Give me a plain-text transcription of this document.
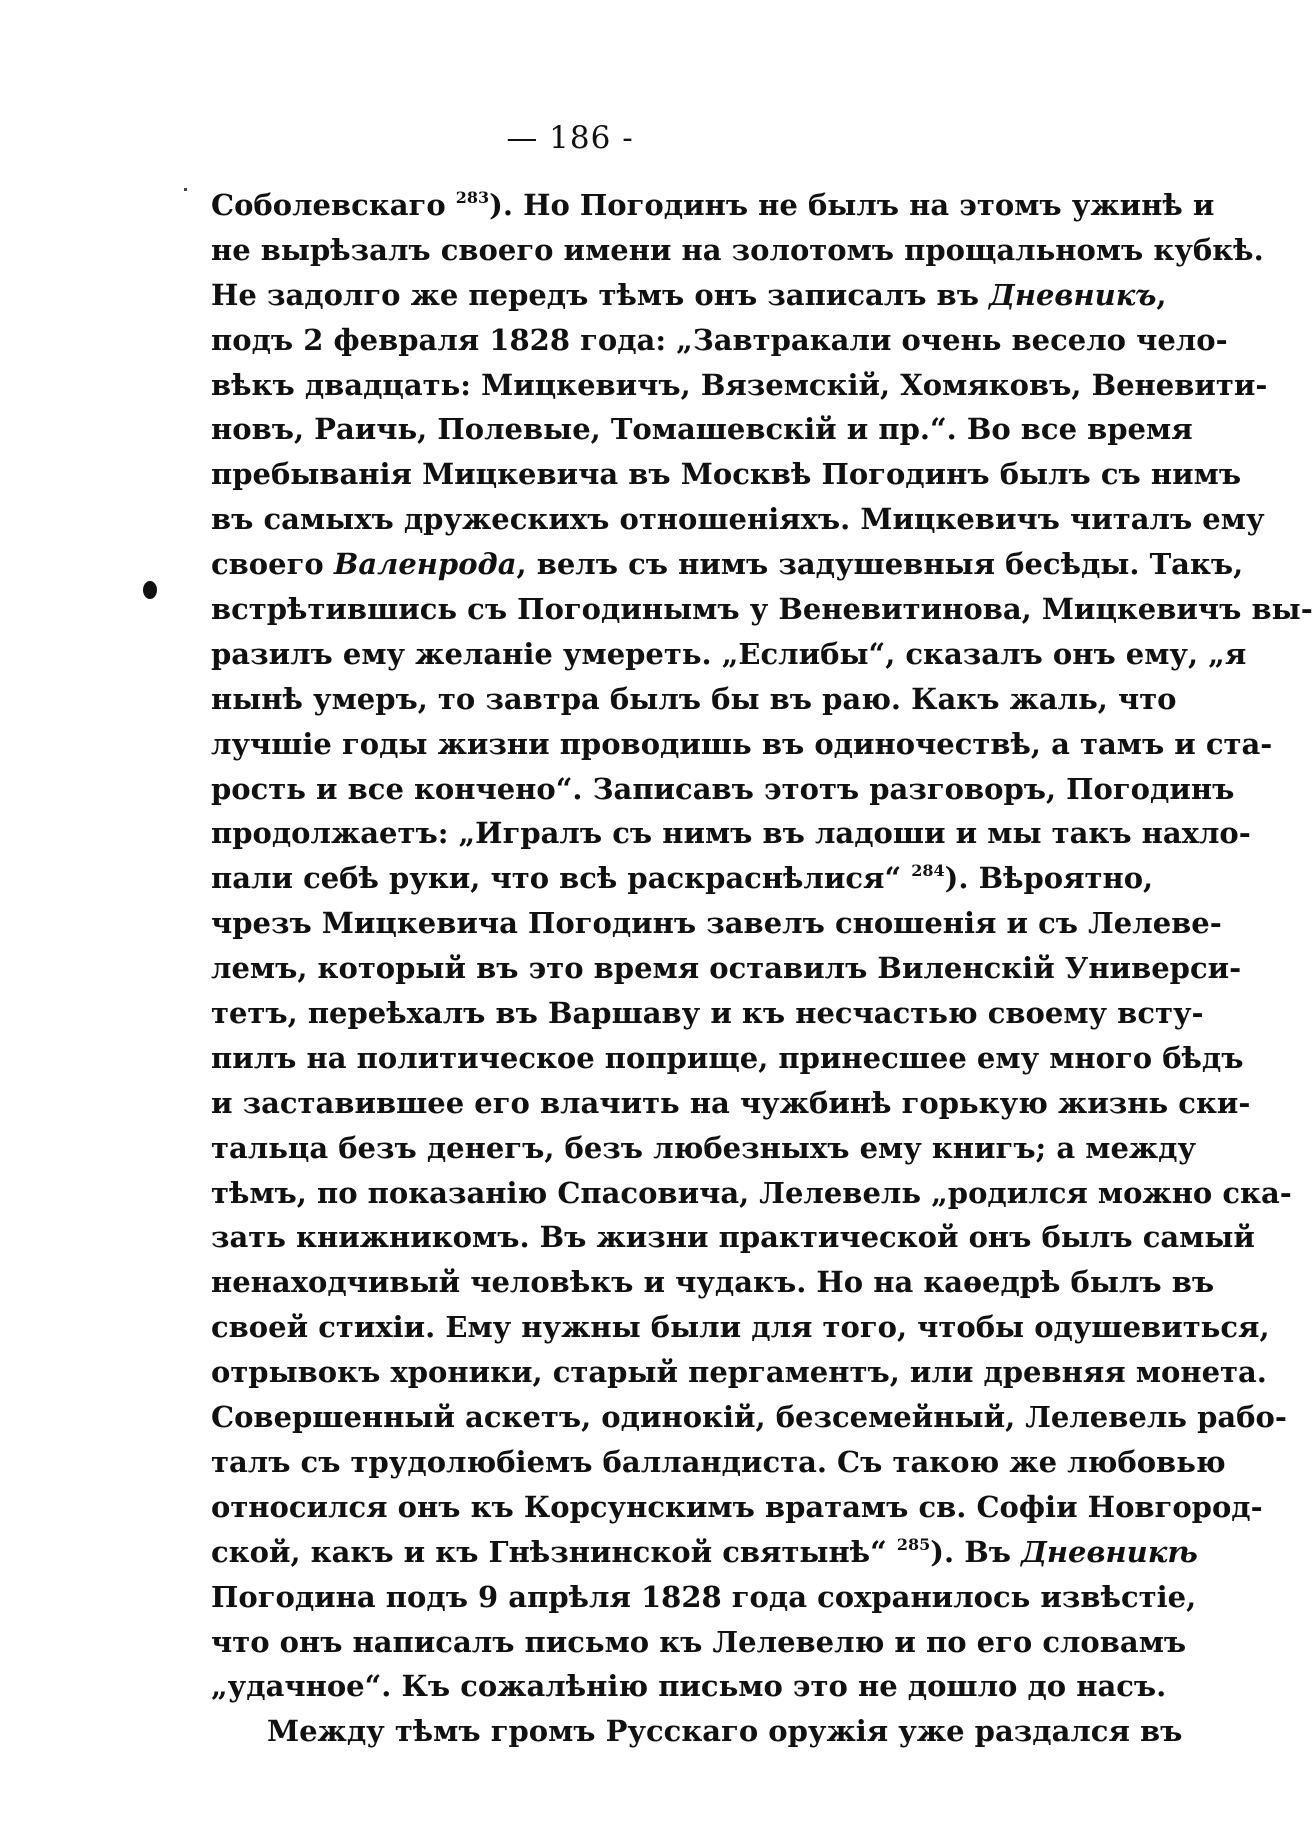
— 186 -
Соболевскаго $^{283}$). Но Погодинъ не былъ на этомъ ужинѣ и
не вырѣзалъ своего имени на золотомъ прощальномъ кубкѣ.
Не задолго же передъ тѣмъ онъ записалъ въ Дневникъ,
подъ 2 февраля 1828 года: „Завтракали очень весело чело-
вѣкъ двадцать: Мицкевичъ, Вяземскій, Хомяковъ, Веневити-
новъ, Раичь, Полевые, Томашевскій и пр.“. Во все время
пребыванія Мицкевича въ Москвѣ Погодинъ былъ съ нимъ
въ самыхъ дружескихъ отношеніяхъ. Мицкевичъ читалъ ему
своего Валенрода, велъ съ нимъ задушевныя бесѣды. Такъ,
встрѣтившись съ Погодинымъ у Веневитинова, Мицкевичъ вы-
разилъ ему желаніе умереть. „Еслибы“, сказалъ онъ ему, „я
нынѣ умеръ, то завтра былъ бы въ раю. Какъ жаль, что
лучшіе годы жизни проводишь въ одиночествѣ, а тамъ и ста-
рость и все кончено“. Записавъ этотъ разговоръ, Погодинъ
продолжаетъ: „Игралъ съ нимъ въ ладоши и мы такъ нахло-
пали себѣ руки, что всѣ раскраснѣлися“ $^{284}$). Вѣроятно,
чрезъ Мицкевича Погодинъ завелъ сношенія и съ Лелеве-
лемъ, который въ это время оставилъ Виленскій Универси-
тетъ, переѣхалъ въ Варшаву и къ несчастью своему всту-
пилъ на политическое поприще, принесшее ему много бѣдъ
и заставившее его влачить на чужбинѣ горькую жизнь ски-
тальца безъ денегъ, безъ любезныхъ ему книгъ; а между
тѣмъ, по показанію Спасовича, Лелевель „родился можно ска-
зать книжникомъ. Въ жизни практической онъ былъ самый
ненаходчивый человѣкъ и чудакъ. Но на каѳедрѣ былъ въ
своей стихіи. Ему нужны были для того, чтобы одушевиться,
отрывокъ хроники, старый пергаментъ, или древняя монета.
Совершенный аскетъ, одинокій, безсемейный, Лелевель рабо-
талъ съ трудолюбіемъ балландиста. Съ такою же любовью
относился онъ къ Корсунскимъ вратамъ св. Софіи Новгород-
ской, какъ и къ Гнѣзнинской святынѣ“ $^{285}$). Въ Дневникѣ
Погодина подъ 9 апрѣля 1828 года сохранилось извѣстіе,
что онъ написалъ письмо къ Лелевелю и по его словамъ
„удачное“. Къ сожалѣнію письмо это не дошло до насъ.
Между тѣмъ громъ Русскаго оружія уже раздался въ
